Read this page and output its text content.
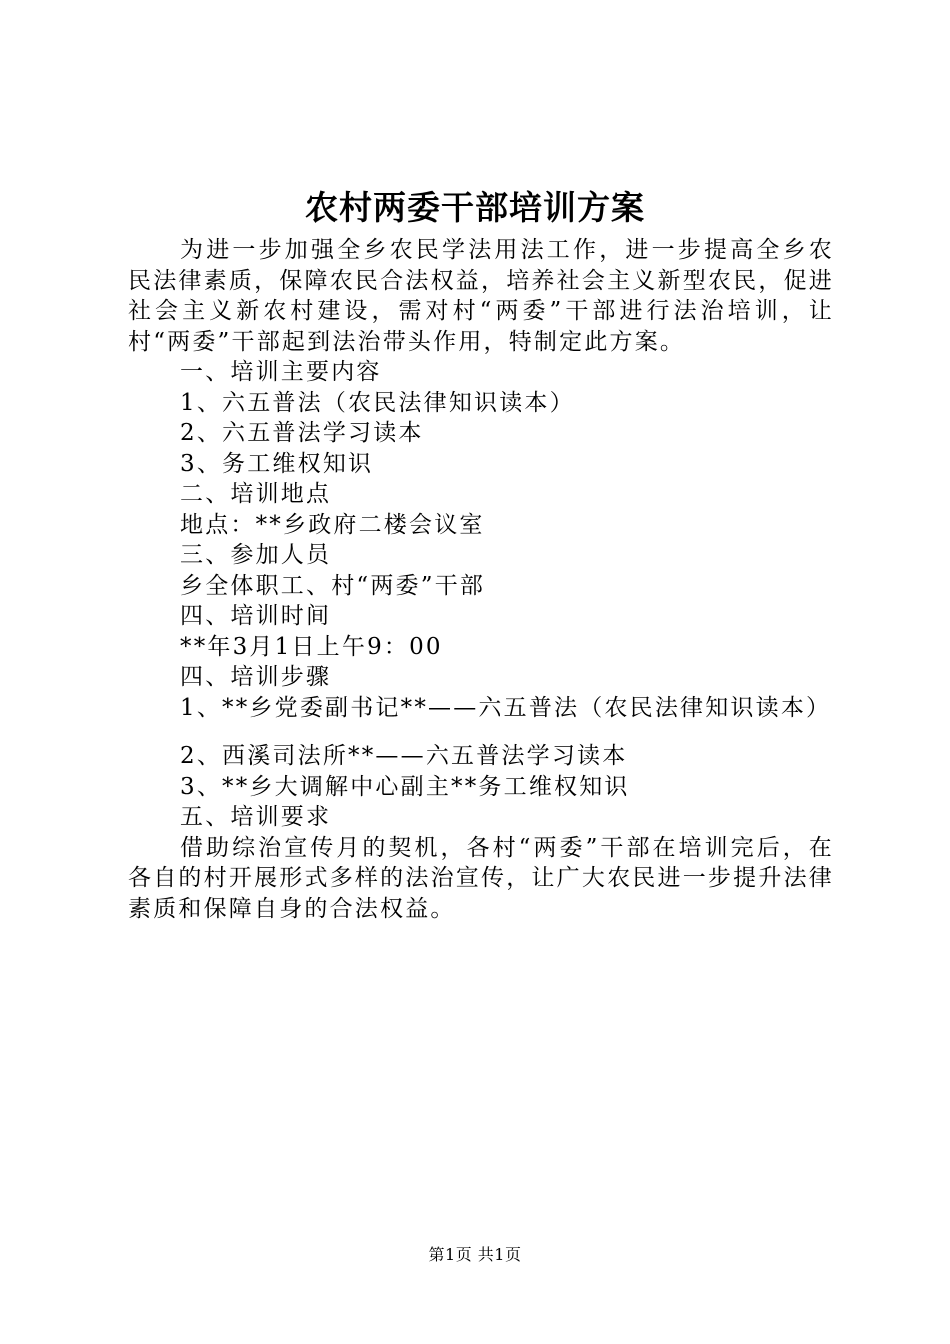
农村两委干部培训方案

为进一步加强全乡农民学法用法工作，进一步提高全乡农民法律素质，保障农民合法权益，培养社会主义新型农民，促进社会主义新农村建设，需对村“两委”干部进行法治培训，让村“两委”干部起到法治带头作用，特制定此方案。

一、培训主要内容

1、六五普法（农民法律知识读本）

2、六五普法学习读本

3、务工维权知识

二、培训地点

地点：**乡政府二楼会议室

三、参加人员

乡全体职工、村“两委”干部

四、培训时间

**年3月1日上午9：00

四、培训步骤

1、**乡党委副书记**——六五普法（农民法律知识读本）

2、西溪司法所**——六五普法学习读本

3、**乡大调解中心副主**务工维权知识

五、培训要求

借助综治宣传月的契机，各村“两委”干部在培训完后，在各自的村开展形式多样的法治宣传，让广大农民进一步提升法律素质和保障自身的合法权益。

第1页 共1页
